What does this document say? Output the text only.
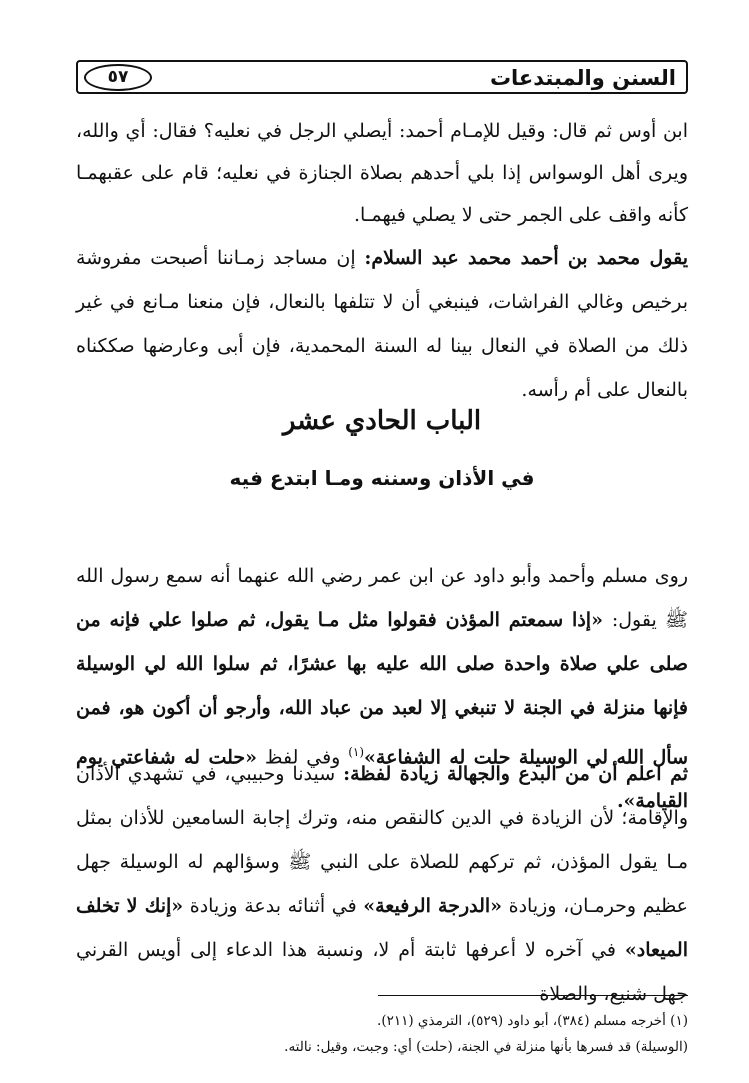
السنن والمبتدعات
٥٧

ابن أوس ثم قال: وقيل للإمـام أحمد: أيصلي الرجل في نعليه؟ فقال: أي والله، ويرى أهل الوسواس إذا بلي أحدهم بصلاة الجنازة في نعليه؛ قام على عقبهمـا كأنه واقف على الجمر حتى لا يصلي فيهمـا.

يقول محمد بن أحمد محمد عبد السلام: إن مساجد زمـاننا أصبحت مفروشة برخيص وغالي الفراشات، فينبغي أن لا تتلفها بالنعال، فإن منعنا مـانع في غير ذلك من الصلاة في النعال بينا له السنة المحمدية، فإن أبى وعارضها صككناه بالنعال على أم رأسه.

الباب الحادي عشر
في الأذان وسننه ومـا ابتدع فيه

روى مسلم وأحمد وأبو داود عن ابن عمر رضي الله عنهما أنه سمع رسول الله ﷺ يقول: «إذا سمعتم المؤذن فقولوا مثل مـا يقول، ثم صلوا علي فإنه من صلى علي صلاة واحدة صلى الله عليه بها عشرًا، ثم سلوا الله لي الوسيلة فإنها منزلة في الجنة لا تنبغي إلا لعبد من عباد الله، وأرجو أن أكون هو، فمن سأل الله لي الوسيلة حلت له الشفاعة»$^{(١)}$ وفي لفظ «حلت له شفاعتي يوم القيامة».

ثم اعلم أن من البدع والجهالة زيادة لفظة: سيدنا وحبيبي، في تشهدي الأذان والإقامة؛ لأن الزيادة في الدين كالنقص منه، وترك إجابة السامعين للأذان بمثل مـا يقول المؤذن، ثم تركهم للصلاة على النبي ﷺ وسؤالهم له الوسيلة جهل عظيم وحرمـان، وزيادة «الدرجة الرفيعة» في أثنائه بدعة وزيادة «إنك لا تخلف الميعاد» في آخره لا أعرفها ثابتة أم لا، ونسبة هذا الدعاء إلى أويس القرني جهل شنيع، والصلاة

(١) أخرجه مسلم (٣٨٤)، أبو داود (٥٢٩)، الترمذي (٢١١).
(الوسيلة) قد فسرها بأنها منزلة في الجنة، (حلت) أي: وجبت، وقيل: نالته.
